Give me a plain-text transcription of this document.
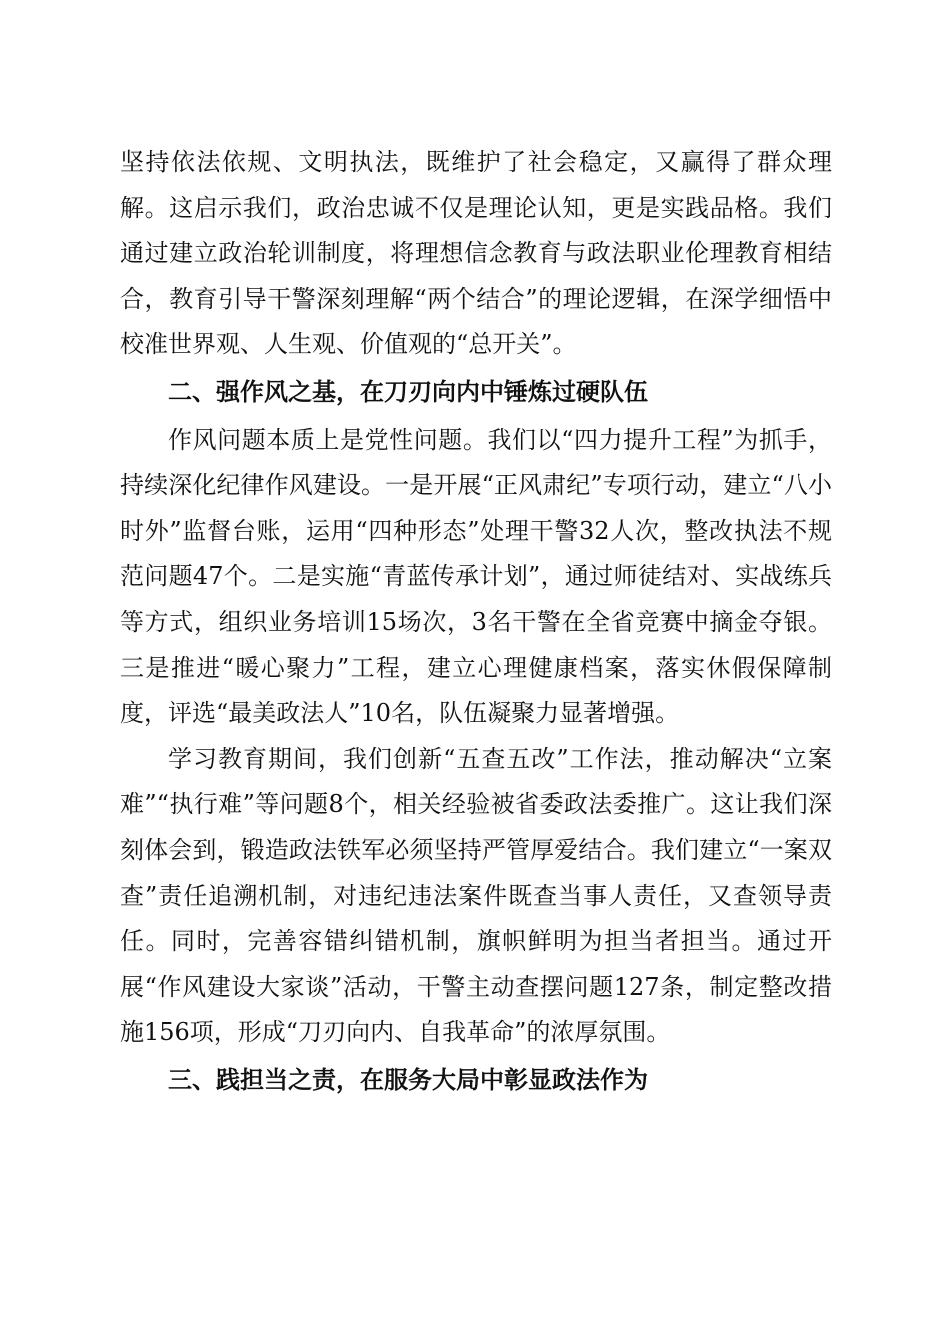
坚持依法依规、文明执法，既维护了社会稳定，又赢得了群众理解。这启示我们，政治忠诚不仅是理论认知，更是实践品格。我们通过建立政治轮训制度，将理想信念教育与政法职业伦理教育相结合，教育引导干警深刻理解“两个结合”的理论逻辑，在深学细悟中校准世界观、人生观、价值观的“总开关”。

二、强作风之基，在刀刃向内中锤炼过硬队伍

作风问题本质上是党性问题。我们以“四力提升工程”为抓手，持续深化纪律作风建设。一是开展“正风肃纪”专项行动，建立“八小时外”监督台账，运用“四种形态”处理干警32人次，整改执法不规范问题47个。二是实施“青蓝传承计划”，通过师徒结对、实战练兵等方式，组织业务培训15场次，3名干警在全省竞赛中摘金夺银。三是推进“暖心聚力”工程，建立心理健康档案，落实休假保障制度，评选“最美政法人”10名，队伍凝聚力显著增强。

学习教育期间，我们创新“五查五改”工作法，推动解决“立案难”“执行难”等问题8个，相关经验被省委政法委推广。这让我们深刻体会到，锻造政法铁军必须坚持严管厚爱结合。我们建立“一案双查”责任追溯机制，对违纪违法案件既查当事人责任，又查领导责任。同时，完善容错纠错机制，旗帜鲜明为担当者担当。通过开展“作风建设大家谈”活动，干警主动查摆问题127条，制定整改措施156项，形成“刀刃向内、自我革命”的浓厚氛围。

三、践担当之责，在服务大局中彰显政法作为
